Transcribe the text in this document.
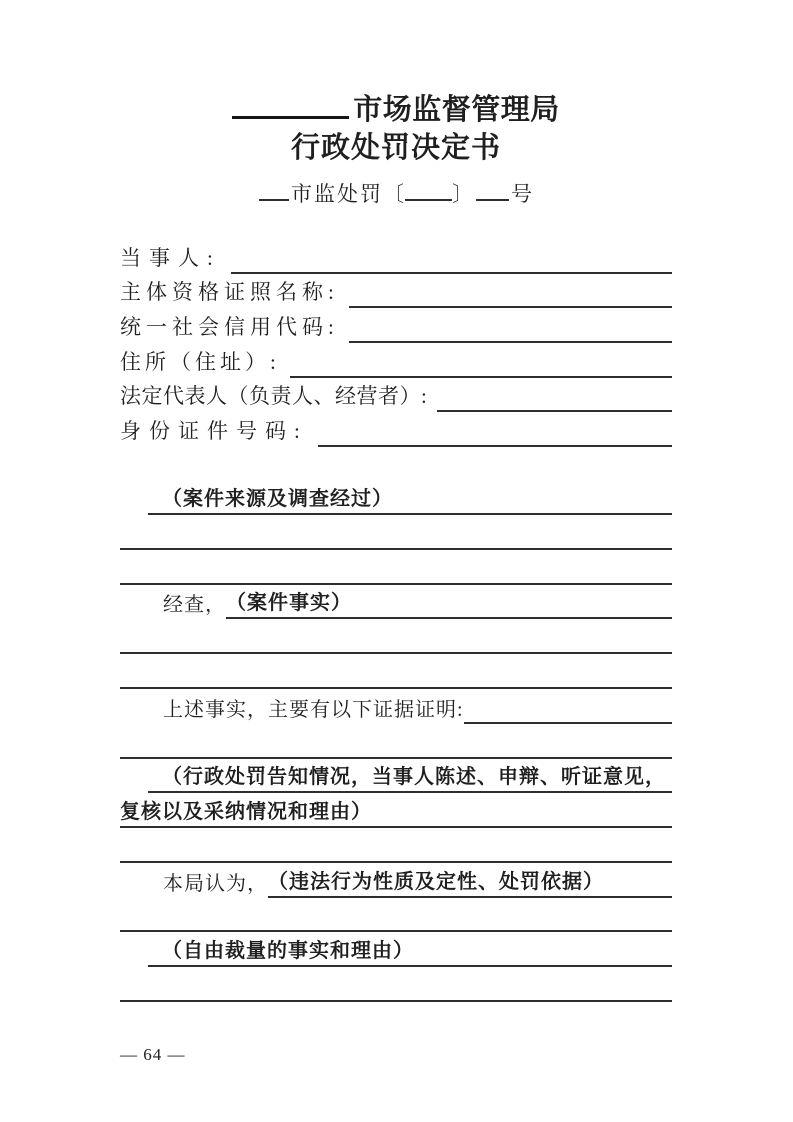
市场监督管理局
行政处罚决定书
市监处罚〔 〕 号
当事人:
主体资格证照名称:
统一社会信用代码:
住所（住址）:
法定代表人（负责人、经营者）:
身份证件号码:
（案件来源及调查经过）
经查， （案件事实）
上述事实，主要有以下证据证明:
（行政处罚告知情况，当事人陈述、申辩、听证意见，
复核以及采纳情况和理由）
本局认为， （违法行为性质及定性、处罚依据）
（自由裁量的事实和理由）
— 64 —
